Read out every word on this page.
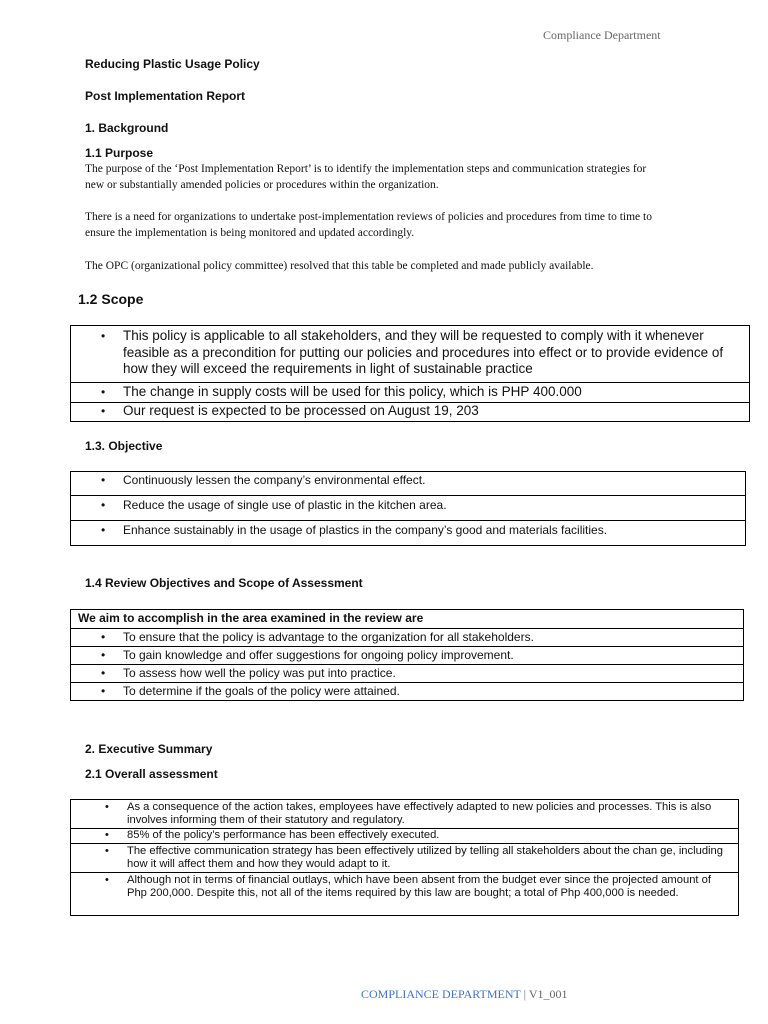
Compliance Department
Reducing Plastic Usage Policy
Post Implementation Report
1. Background
1.1 Purpose
The purpose of the ‘Post Implementation Report’ is to identify the implementation steps and communication strategies for new or substantially amended policies or procedures within the organization.
There is a need for organizations to undertake post-implementation reviews of policies and procedures from time to time to ensure the implementation is being monitored and updated accordingly.
The OPC (organizational policy committee) resolved that this table be completed and made publicly available.
1.2 Scope
• This policy is applicable to all stakeholders, and they will be requested to comply with it whenever feasible as a precondition for putting our policies and procedures into effect or to provide evidence of how they will exceed the requirements in light of sustainable practice

• The change in supply costs will be used for this policy, which is PHP 400.000

• Our request is expected to be processed on August 19, 203
1.3. Objective
• Continuously lessen the company’s environmental effect.

• Reduce the usage of single use of plastic in the kitchen area.

• Enhance sustainably in the usage of plastics in the company’s good and materials facilities.
1.4 Review Objectives and Scope of Assessment
We aim to accomplish in the area examined in the review are

• To ensure that the policy is advantage to the organization for all stakeholders.

• To gain knowledge and offer suggestions for ongoing policy improvement.

• To assess how well the policy was put into practice.

• To determine if the goals of the policy were attained.
2. Executive Summary
2.1 Overall assessment
• As a consequence of the action takes, employees have effectively adapted to new policies and processes. This is also involves informing them of their statutory and regulatory.

• 85% of the policy’s performance has been effectively executed.

• The effective communication strategy has been effectively utilized by telling all stakeholders about the chan ge, including how it will affect them and how they would adapt to it.

• Although not in terms of financial outlays, which have been absent from the budget ever since the projected amount of Php 200,000. Despite this, not all of the items required by this law are bought; a total of Php 400,000 is needed.
COMPLIANCE DEPARTMENT | V1_001
